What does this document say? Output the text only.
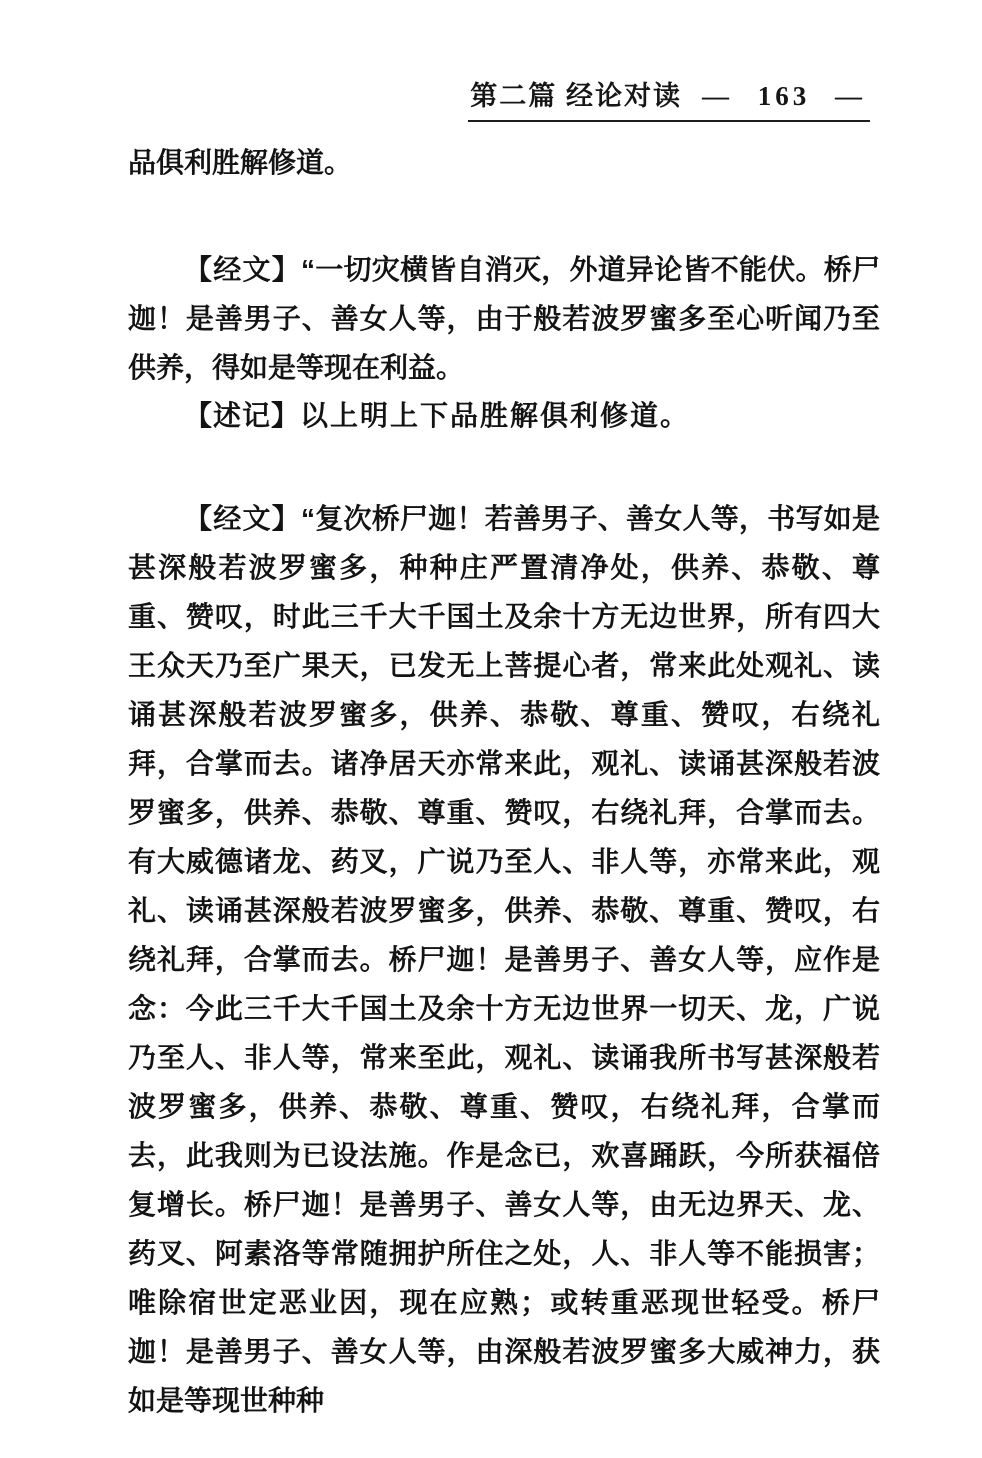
第二篇 经论对读 — 163 —

品俱利胜解修道。

【经文】“一切灾横皆自消灭，外道异论皆不能伏。桥尸迦！是善男子、善女人等，由于般若波罗蜜多至心听闻乃至供养，得如是等现在利益。

【述记】以上明上下品胜解俱利修道。

【经文】“复次桥尸迦！若善男子、善女人等，书写如是甚深般若波罗蜜多，种种庄严置清净处，供养、恭敬、尊重、赞叹，时此三千大千国土及余十方无边世界，所有四大王众天乃至广果天，已发无上菩提心者，常来此处观礼、读诵甚深般若波罗蜜多，供养、恭敬、尊重、赞叹，右绕礼拜，合掌而去。诸净居天亦常来此，观礼、读诵甚深般若波罗蜜多，供养、恭敬、尊重、赞叹，右绕礼拜，合掌而去。有大威德诸龙、药叉，广说乃至人、非人等，亦常来此，观礼、读诵甚深般若波罗蜜多，供养、恭敬、尊重、赞叹，右绕礼拜，合掌而去。桥尸迦！是善男子、善女人等，应作是念：今此三千大千国土及余十方无边世界一切天、龙，广说乃至人、非人等，常来至此，观礼、读诵我所书写甚深般若波罗蜜多，供养、恭敬、尊重、赞叹，右绕礼拜，合掌而去，此我则为已设法施。作是念已，欢喜踊跃，今所获福倍复增长。桥尸迦！是善男子、善女人等，由无边界天、龙、药叉、阿素洛等常随拥护所住之处，人、非人等不能损害；唯除宿世定恶业因，现在应熟；或转重恶现世轻受。桥尸迦！是善男子、善女人等，由深般若波罗蜜多大威神力，获如是等现世种种
